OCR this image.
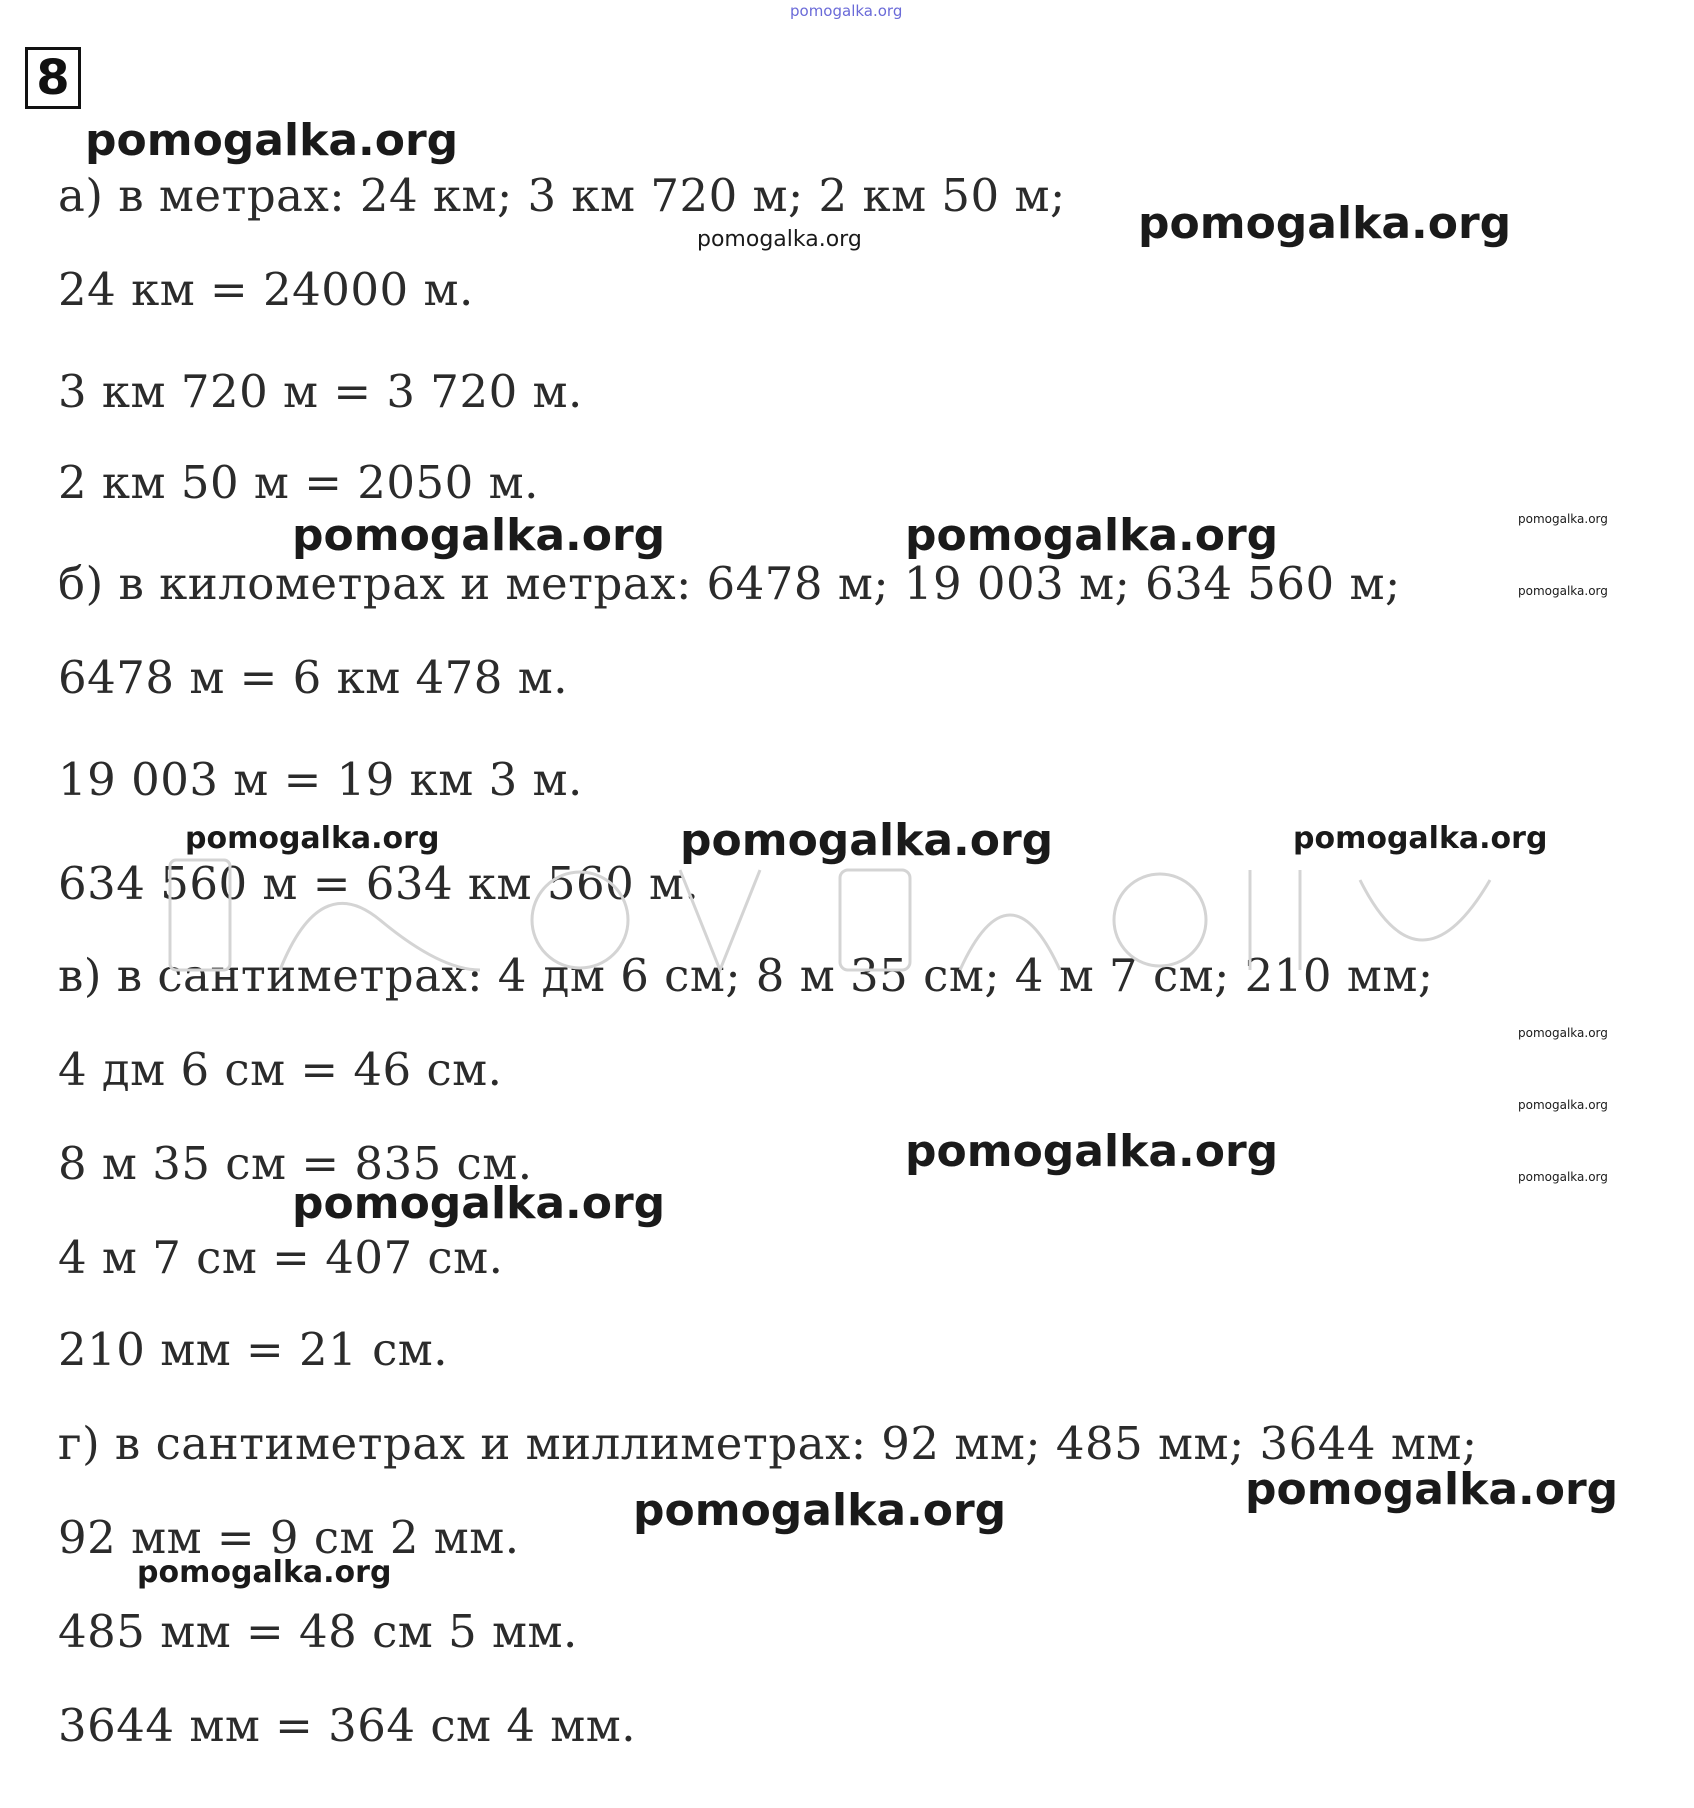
pomogalka.org
8
а) в метрах: 24 км; 3 км 720 м; 2 км 50 м;
24 км = 24000 м.
3 км 720 м = 3 720 м.
2 км 50 м = 2050 м.
б) в километрах и метрах: 6478 м; 19 003 м; 634 560 м;
6478 м = 6 км 478 м.
19 003 м = 19 км 3 м.
634 560 м = 634 км 560 м.
в) в сантиметрах: 4 дм 6 см; 8 м 35 см; 4 м 7 см; 210 мм;
4 дм 6 см = 46 см.
8 м 35 см = 835 см.
4 м 7 см = 407 см.
210 мм = 21 см.
г) в сантиметрах и миллиметрах: 92 мм; 485 мм; 3644 мм;
92 мм = 9 см 2 мм.
485 мм = 48 см 5 мм.
3644 мм = 364 см 4 мм.
pomogalka.org
pomogalka.org	pomogalka.org
pomogalka.org	pomogalka.org	pomogalka.org
pomogalka.org
pomogalka.org	pomogalka.org	pomogalka.org
pomogalka.org
pomogalka.org
pomogalka.org	pomogalka.org
pomogalka.org
pomogalka.org	pomogalka.org
pomogalka.org
